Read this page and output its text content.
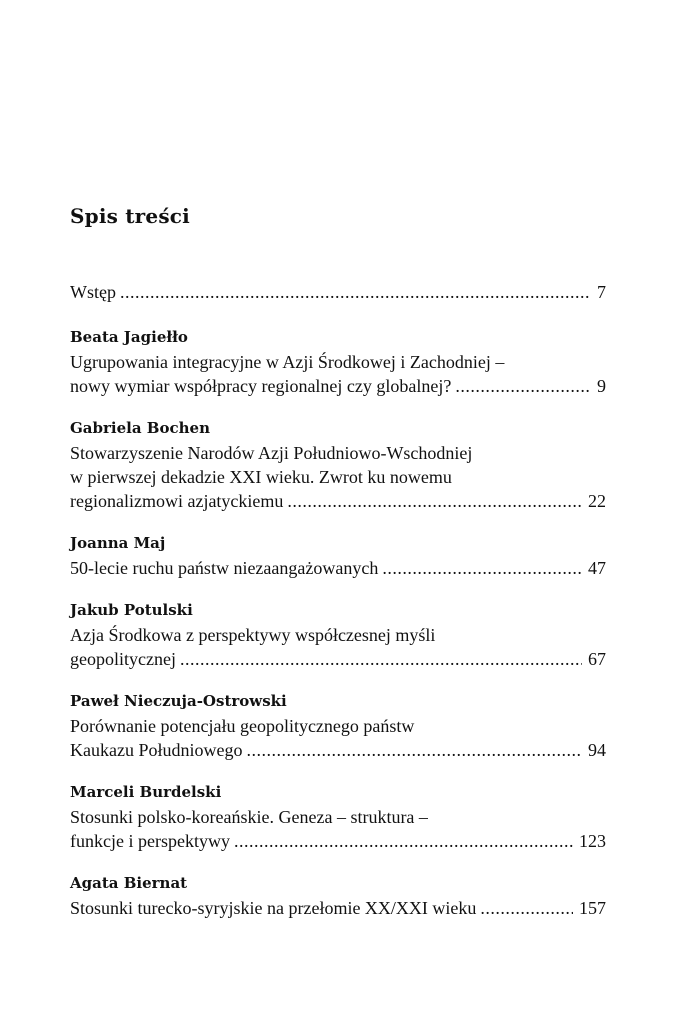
Spis treści
Wstęp .....	7
Beata Jagiełło
Ugrupowania integracyjne w Azji Środkowej i Zachodniej –
nowy wymiar współpracy regionalnej czy globalnej? .....	9
Gabriela Bochen
Stowarzyszenie Narodów Azji Południowo-Wschodniej
w pierwszej dekadzie XXI wieku. Zwrot ku nowemu
regionalizmowi azjatyckiemu .....	22
Joanna Maj
50-lecie ruchu państw niezaangażowanych .....	47
Jakub Potulski
Azja Środkowa z perspektywy współczesnej myśli
geopolitycznej .....	67
Paweł Nieczuja-Ostrowski
Porównanie potencjału geopolitycznego państw
Kaukazu Południowego .....	94
Marceli Burdelski
Stosunki polsko-koreańskie. Geneza – struktura –
funkcje i perspektywy .....	123
Agata Biernat
Stosunki turecko-syryjskie na przełomie XX/XXI wieku .....	157
